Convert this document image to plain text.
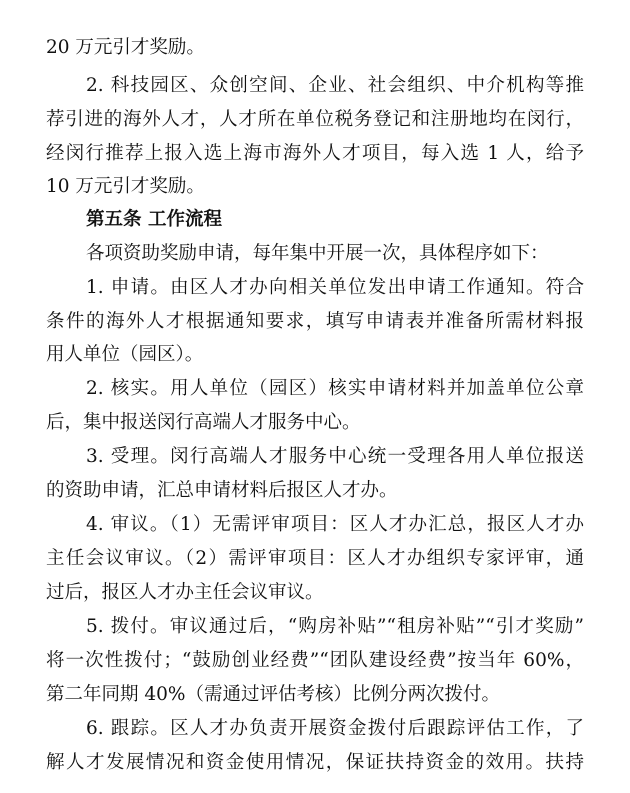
20 万元引才奖励。
2. 科技园区、众创空间、企业、社会组织、中介机构等推
荐引进的海外人才，人才所在单位税务登记和注册地均在闵行，
经闵行推荐上报入选上海市海外人才项目，每入选 1 人，给予
10 万元引才奖励。
第五条 工作流程
各项资助奖励申请，每年集中开展一次，具体程序如下：
1. 申请。由区人才办向相关单位发出申请工作通知。符合
条件的海外人才根据通知要求，填写申请表并准备所需材料报
用人单位（园区）。
2. 核实。用人单位（园区）核实申请材料并加盖单位公章
后，集中报送闵行高端人才服务中心。
3. 受理。闵行高端人才服务中心统一受理各用人单位报送
的资助申请，汇总申请材料后报区人才办。
4. 审议。（1）无需评审项目：区人才办汇总，报区人才办
主任会议审议。（2）需评审项目：区人才办组织专家评审，通
过后，报区人才办主任会议审议。
5. 拨付。审议通过后，“购房补贴”“租房补贴”“引才奖励”
将一次性拨付；“鼓励创业经费”“团队建设经费”按当年 60%，
第二年同期 40%（需通过评估考核）比例分两次拨付。
6. 跟踪。区人才办负责开展资金拨付后跟踪评估工作，了
解人才发展情况和资金使用情况，保证扶持资金的效用。扶持
